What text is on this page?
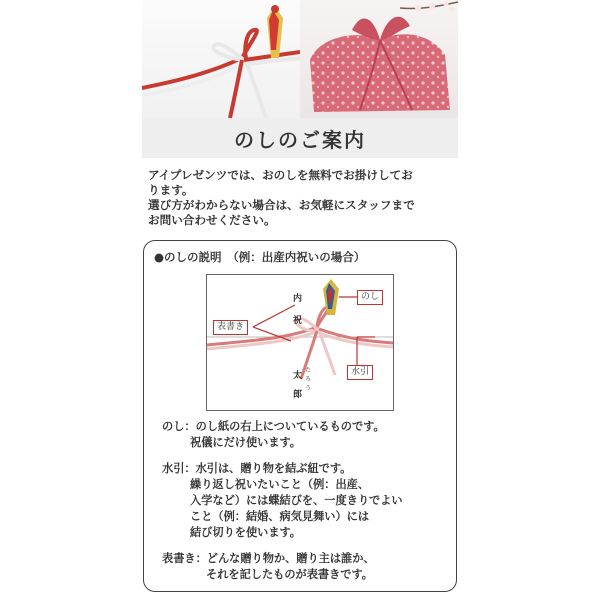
のしのご案内

アイプレゼンツでは、おのしを無料でお掛けしてお

ります。

選び方がわからない場合は、お気軽にスタッフまで

お問い合わせください。

●のしの説明　（例：出産内祝いの場合）
内
祝
太
郎
た
ろ
う
のし
表書き
水引
のし：のし紙の右上についているものです。
祝儀にだけ使います。
水引：水引は、贈り物を結ぶ紐です。
繰り返し祝いたいこと（例：出産、
入学など）には蝶結びを、一度きりでよい
こと（例：結婚、病気見舞い）には
結び切りを使います。
表書き：どんな贈り物か、贈り主は誰か、
それを記したものが表書きです。
